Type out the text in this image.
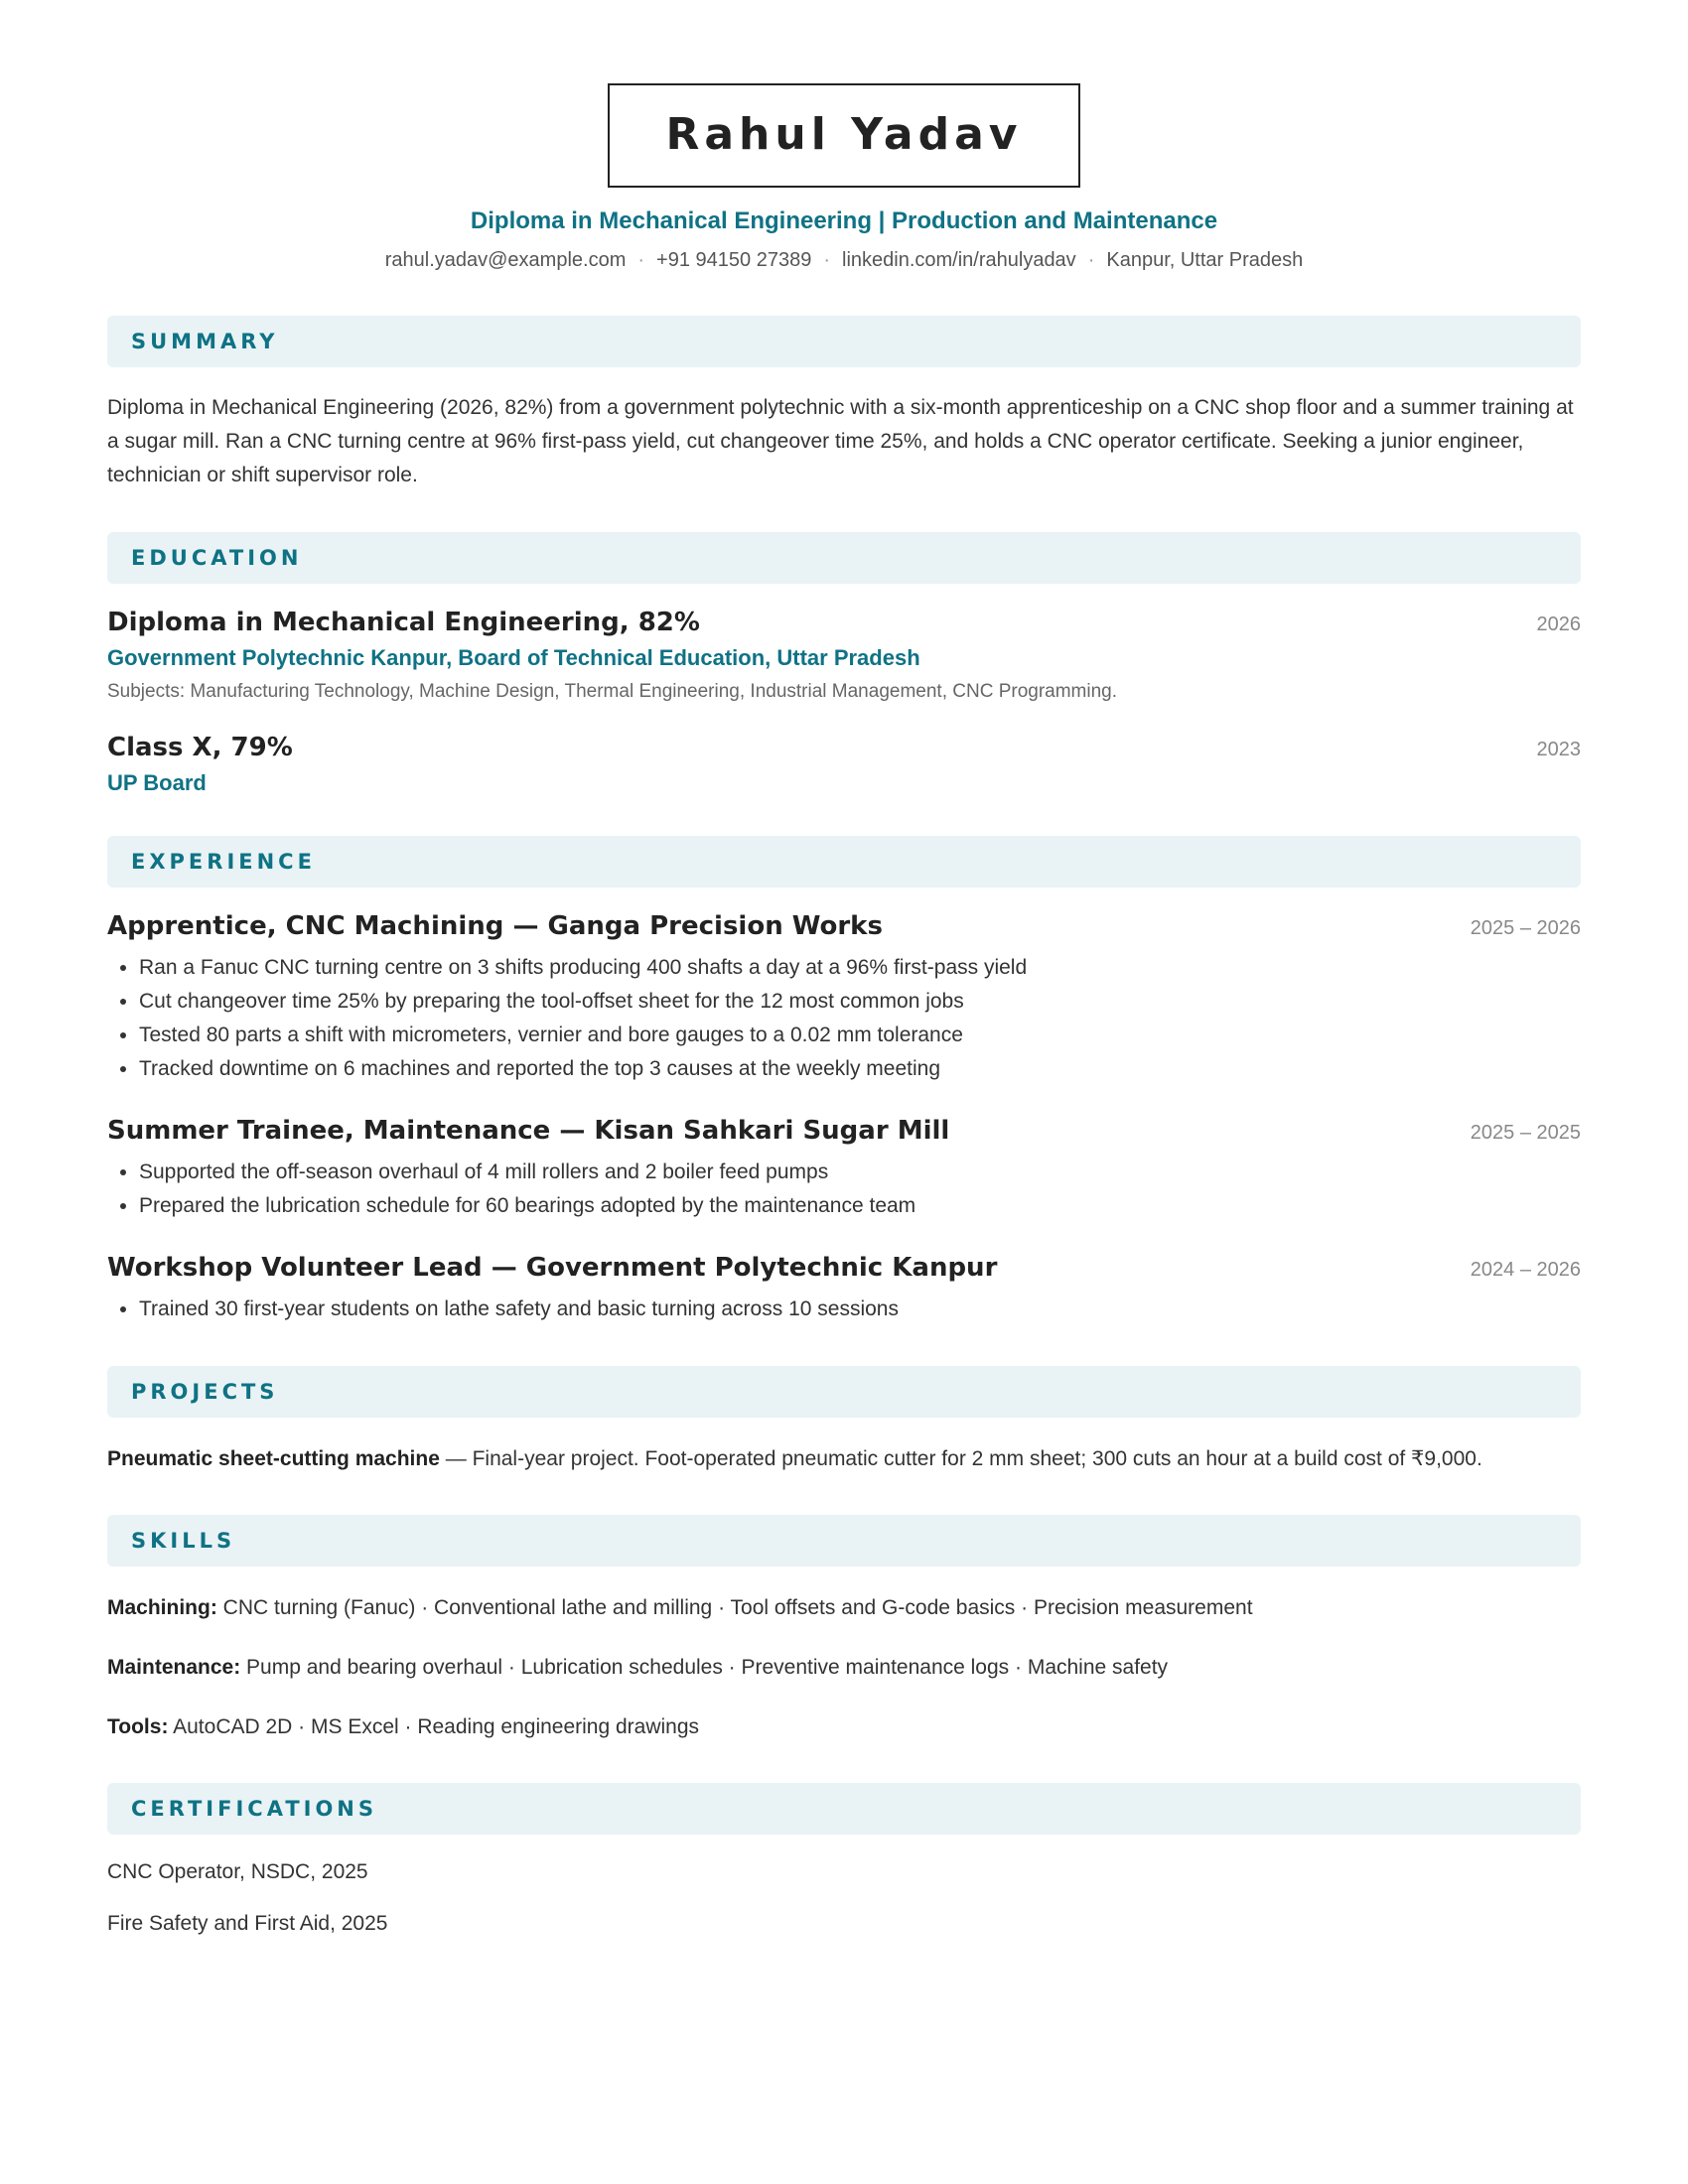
Rahul Yadav
Diploma in Mechanical Engineering | Production and Maintenance
rahul.yadav@example.com · +91 94150 27389 · linkedin.com/in/rahulyadav · Kanpur, Uttar Pradesh
SUMMARY
Diploma in Mechanical Engineering (2026, 82%) from a government polytechnic with a six-month apprenticeship on a CNC shop floor and a summer training at a sugar mill. Ran a CNC turning centre at 96% first-pass yield, cut changeover time 25%, and holds a CNC operator certificate. Seeking a junior engineer, technician or shift supervisor role.
EDUCATION
Diploma in Mechanical Engineering, 82%	2026
Government Polytechnic Kanpur, Board of Technical Education, Uttar Pradesh
Subjects: Manufacturing Technology, Machine Design, Thermal Engineering, Industrial Management, CNC Programming.
Class X, 79%	2023
UP Board
EXPERIENCE
Apprentice, CNC Machining — Ganga Precision Works	2025 – 2026
• Ran a Fanuc CNC turning centre on 3 shifts producing 400 shafts a day at a 96% first-pass yield
• Cut changeover time 25% by preparing the tool-offset sheet for the 12 most common jobs
• Tested 80 parts a shift with micrometers, vernier and bore gauges to a 0.02 mm tolerance
• Tracked downtime on 6 machines and reported the top 3 causes at the weekly meeting
Summer Trainee, Maintenance — Kisan Sahkari Sugar Mill	2025 – 2025
• Supported the off-season overhaul of 4 mill rollers and 2 boiler feed pumps
• Prepared the lubrication schedule for 60 bearings adopted by the maintenance team
Workshop Volunteer Lead — Government Polytechnic Kanpur	2024 – 2026
• Trained 30 first-year students on lathe safety and basic turning across 10 sessions
PROJECTS
Pneumatic sheet-cutting machine — Final-year project. Foot-operated pneumatic cutter for 2 mm sheet; 300 cuts an hour at a build cost of ₹9,000.
SKILLS
Machining: CNC turning (Fanuc) · Conventional lathe and milling · Tool offsets and G-code basics · Precision measurement
Maintenance: Pump and bearing overhaul · Lubrication schedules · Preventive maintenance logs · Machine safety
Tools: AutoCAD 2D · MS Excel · Reading engineering drawings
CERTIFICATIONS
CNC Operator, NSDC, 2025
Fire Safety and First Aid, 2025
